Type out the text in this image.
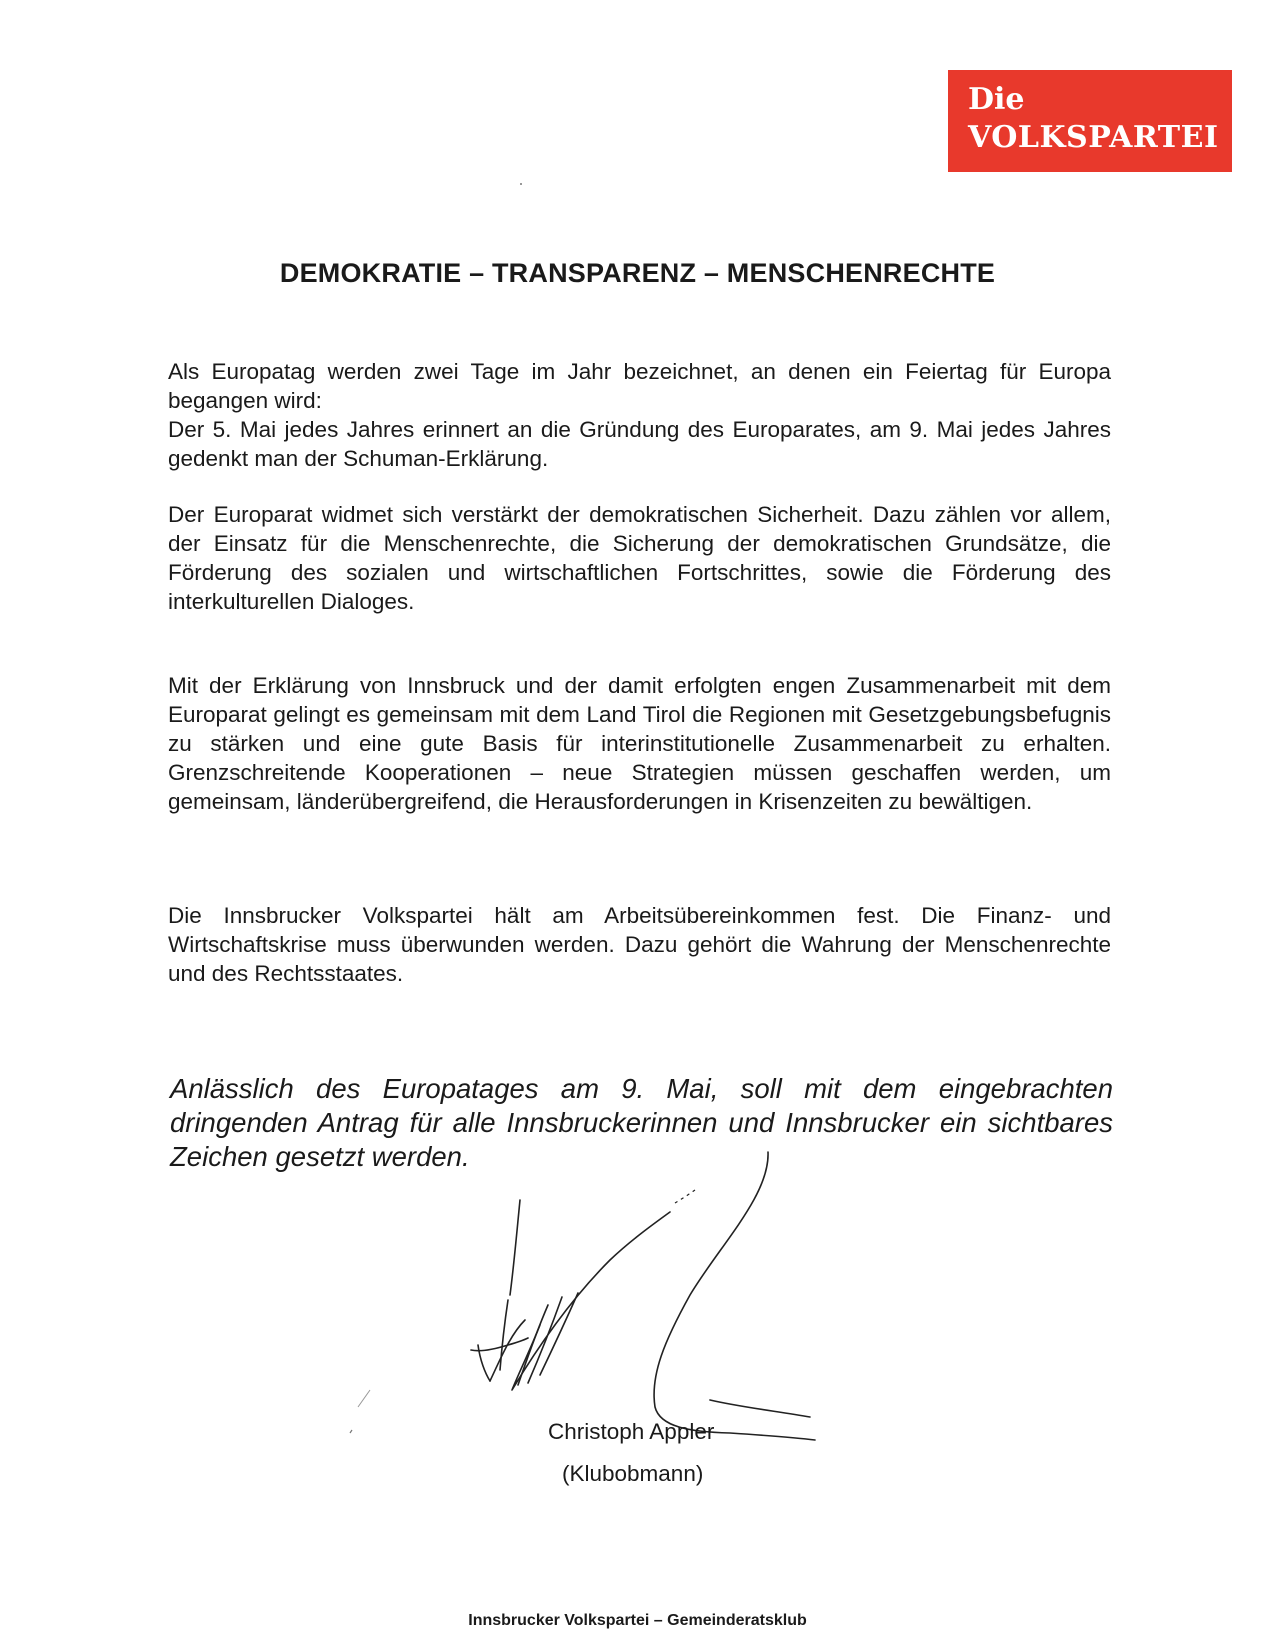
Die
VOLKSPARTEI
DEMOKRATIE – TRANSPARENZ – MENSCHENRECHTE

Als Europatag werden zwei Tage im Jahr bezeichnet, an denen ein Feiertag für Europa begangen wird:

Der 5. Mai jedes Jahres erinnert an die Gründung des Europarates, am 9. Mai jedes Jahres gedenkt man der Schuman-Erklärung.

Der Europarat widmet sich verstärkt der demokratischen Sicherheit. Dazu zählen vor allem, der Einsatz für die Menschenrechte, die Sicherung der demokratischen Grundsätze, die Förderung des sozialen und wirtschaftlichen Fortschrittes, sowie die Förderung des interkulturellen Dialoges.

Mit der Erklärung von Innsbruck und der damit erfolgten engen Zusammenarbeit mit dem Europarat gelingt es gemeinsam mit dem Land Tirol die Regionen mit Gesetzgebungsbefugnis zu stärken und eine gute Basis für interinstitutionelle Zusammenarbeit zu erhalten. Grenzschreitende Kooperationen – neue Strategien müssen geschaffen werden, um gemeinsam, länderübergreifend, die Herausforderungen in Krisenzeiten zu bewältigen.

Die Innsbrucker Volkspartei hält am Arbeitsübereinkommen fest. Die Finanz- und Wirtschaftskrise muss überwunden werden. Dazu gehört die Wahrung der Menschenrechte und des Rechtsstaates.

Anlässlich des Europatages am 9. Mai, soll mit dem eingebrachten dringenden Antrag für alle Innsbruckerinnen und Innsbrucker ein sichtbares Zeichen gesetzt werden.
Christoph Appler
(Klubobmann)
Innsbrucker Volkspartei – Gemeinderatsklub
